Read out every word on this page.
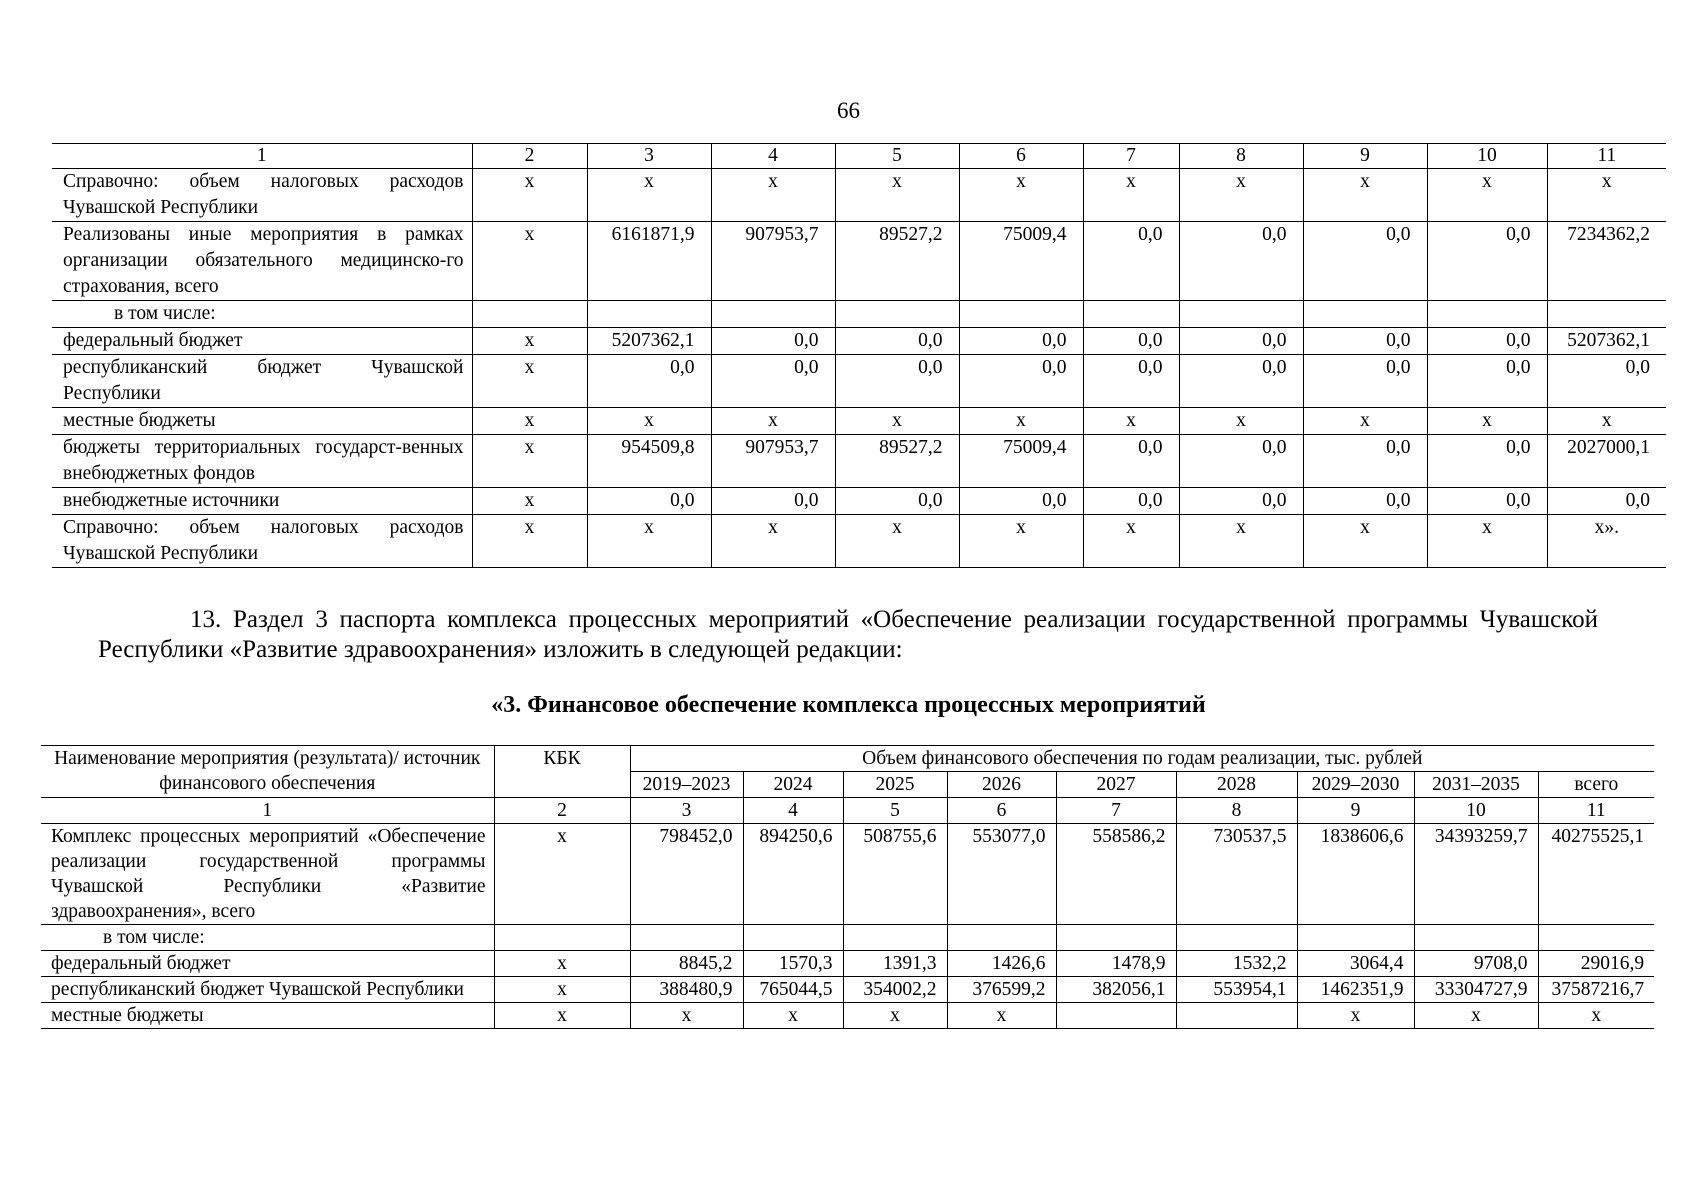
66
1	2	3	4	5	6	7	8	9	10	11
Справочно: объем налоговых расходов Чувашской Республики	х	х	х	х	х	х	х	х	х	х
Реализованы иные мероприятия в рамках организации обязательного медицинско-го страхования, всего	х	6161871,9	907953,7	89527,2	75009,4	0,0	0,0	0,0	0,0	7234362,2
в том числе:										
федеральный бюджет	х	5207362,1	0,0	0,0	0,0	0,0	0,0	0,0	0,0	5207362,1
республиканский бюджет Чувашской Республики	х	0,0	0,0	0,0	0,0	0,0	0,0	0,0	0,0	0,0
местные бюджеты	х	х	х	х	х	х	х	х	х	х
бюджеты территориальных государст-венных внебюджетных фондов	х	954509,8	907953,7	89527,2	75009,4	0,0	0,0	0,0	0,0	2027000,1
внебюджетные источники	х	0,0	0,0	0,0	0,0	0,0	0,0	0,0	0,0	0,0
Справочно: объем налоговых расходов Чувашской Республики	х	х	х	х	х	х	х	х	х	х».
13. Раздел 3 паспорта комплекса процессных мероприятий «Обеспечение реализации государственной программы Чувашской Республики «Развитие здравоохранения» изложить в следующей редакции:
«3. Финансовое обеспечение комплекса процессных мероприятий
Наименование мероприятия (результата)/ источник финансового обеспечения	КБК	Объем финансового обеспечения по годам реализации, тыс. рублей								
		2019–2023	2024	2025	2026	2027	2028	2029–2030	2031–2035	всего
1	2	3	4	5	6	7	8	9	10	11
Комплекс процессных мероприятий «Обеспечение реализации государственной программы Чувашской Республики «Развитие здравоохранения», всего	х	798452,0	894250,6	508755,6	553077,0	558586,2	730537,5	1838606,6	34393259,7	40275525,1
в том числе:										
федеральный бюджет	х	8845,2	1570,3	1391,3	1426,6	1478,9	1532,2	3064,4	9708,0	29016,9
республиканский бюджет Чувашской Республики	х	388480,9	765044,5	354002,2	376599,2	382056,1	553954,1	1462351,9	33304727,9	37587216,7
местные бюджеты	х	х	х	х	х			х	х	х
